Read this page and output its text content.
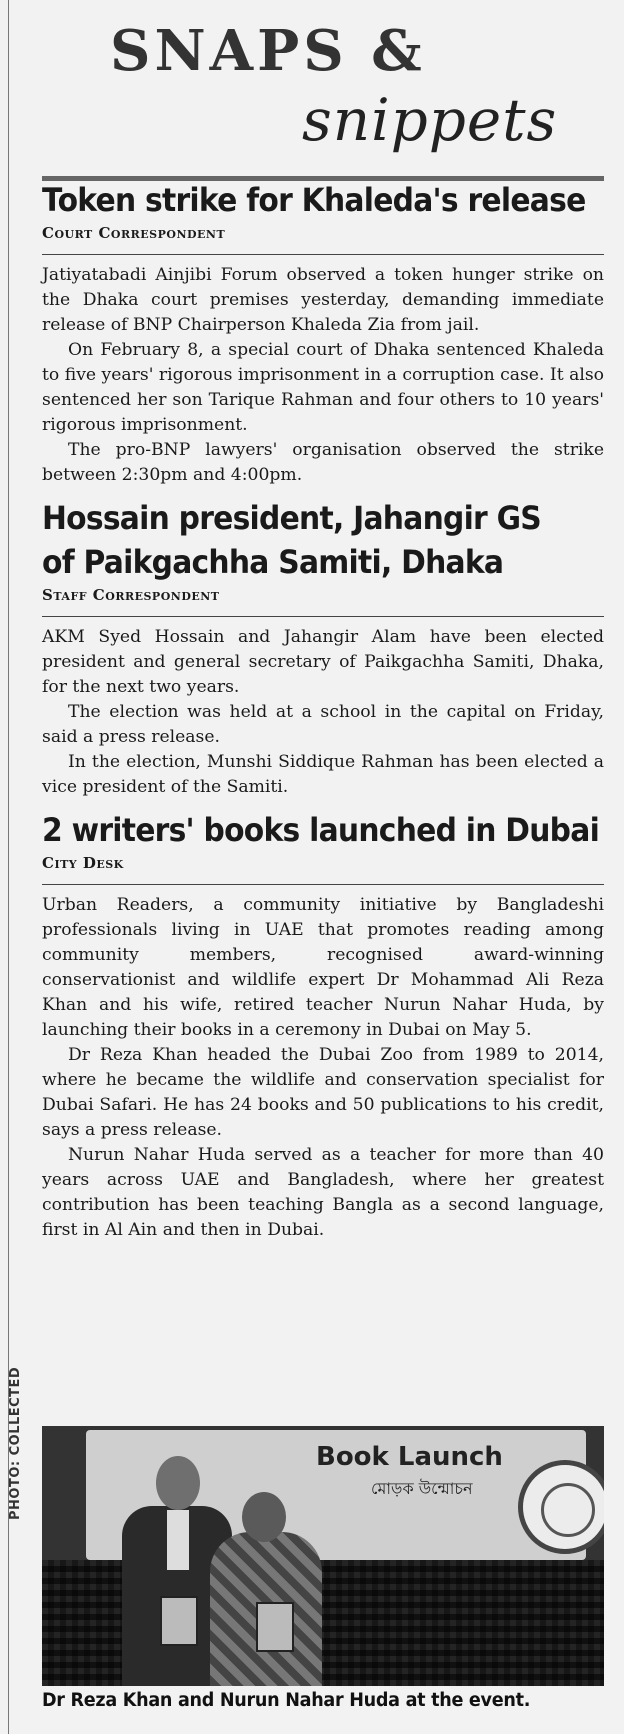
SNAPS &
snippets
Token strike for Khaleda's release
Court Correspondent

Jatiyatabadi Ainjibi Forum observed a token hunger strike on the Dhaka court premises yesterday, demanding immediate release of BNP Chairperson Khaleda Zia from jail.

On February 8, a special court of Dhaka sentenced Khaleda to five years' rigorous imprisonment in a corruption case. It also sentenced her son Tarique Rahman and four others to 10 years' rigorous imprisonment.

The pro-BNP lawyers' organisation observed the strike between 2:30pm and 4:00pm.

Hossain president, Jahangir GS
of Paikgachha Samiti, Dhaka
Staff Correspondent

AKM Syed Hossain and Jahangir Alam have been elected president and general secretary of Paikgachha Samiti, Dhaka, for the next two years.

The election was held at a school in the capital on Friday, said a press release.

In the election, Munshi Siddique Rahman has been elected a vice president of the Samiti.

2 writers' books launched in Dubai
City Desk

Urban Readers, a community initiative by Bangladeshi professionals living in UAE that promotes reading among community members, recognised award-winning conservationist and wildlife expert Dr Mohammad Ali Reza Khan and his wife, retired teacher Nurun Nahar Huda, by launching their books in a ceremony in Dubai on May 5.

Dr Reza Khan headed the Dubai Zoo from 1989 to 2014, where he became the wildlife and conservation specialist for Dubai Safari. He has 24 books and 50 publications to his credit, says a press release.

Nurun Nahar Huda served as a teacher for more than 40 years across UAE and Bangladesh, where her greatest contribution has been teaching Bangla as a second language, first in Al Ain and then in Dubai.

Book Launch
মোড়ক উন্মোচন
PHOTO: COLLECTED
Dr Reza Khan and Nurun Nahar Huda at the event.
